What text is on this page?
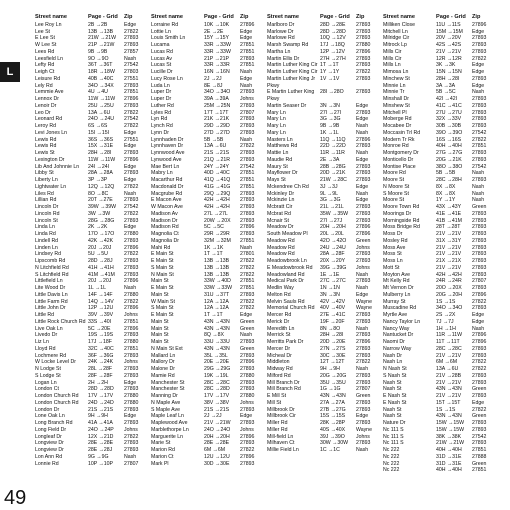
L
Street name	Page - Grid	Zip
Lee Roy Ln	2B →2B	Edge
Lee St	13B →13B	27822
E Lee St	21W →21W	27893
W Lee St	21P →21W	27893
Lees Rd	9B →9B	27857
Leesfield Ln	9O →9O	Nash
Lefty Rd	36T →36T	27542
Leigh Ct	18R →18W	27803
Leisure Rd	40B →40C	27551
Lely Rd	34O →34X	27893
Lemmie Ave	4U →4U	27851
Lennox Dr	11W →11W	27896
Lenoir Dr	25U →25U	27893
Leo Dr	13A →6U	27822
Leonard Rd	24O →24U	27542
Leroy Rd	6S →6S	27822
Levi Jones Ln	15I →15I	Edge
Lewis Rd	36S →36S	27551
Lewis Rd	15X →31E	Edge
Lewis St	28H →28I	27893
Lexington Dr	11W →11W	27896
Lib And Johnnie Ln	24I →24I	Edge
Libby St	28A →28A	27893
Liberty Ln	3P →3P	Edge
Lightwater Ln	12Q →12Q	27822
Liles Rd	8O →8C	Nash
Lillian Rd	20T →27E	27893
Lincoln Dr	39W →39W	27542
Lincoln Rd	3W →3W	27822
Lincoln St	28G →28G	27893
Linda Ln	2K →2K	Edge
Linda Rd	17O →17O	27880
Lindell Rd	42K →42K	27893
Linden Ln	20J →20J	27896
Lindsey Rd	5U →5U	27822
Lipscomb Rd	28D →28J	27893
N Litchfield Rd	41H →41H	27893
S Litchfield Rd	41M →41M	27893
Littlefield Ln	20J →20J	27896
Lite Wood Dr	1L →1L	Nash
Little Davis Ln	14F →14F	27880
Little Farm Rd	14Q →14V	27822
Little John Dr	12P →12U	27896
Little Rd	39V →39V	Johns
Little Rock Church Rd 33S →40I	27851
Live Oak Ln	5C →20E	27896
Livedo Dr	19S →19S	27893
Liz Ln	17J →18F	27880
Lloyd Rd	32C →40C	27851
Lochmere Rd	36F →36G	27893
W Locke Level Dr	24K →24K	Johns
N Lodge St	28L →28F	27893
S Lodge St	28F →28F	27893
Logan Ln	2H →2H	Edge
London Ct	28D →28D	27893
London Church Rd	17V →17V	27880
London Church Rd	24D →24D	27880
London Dr	21S →21S	27893
Lone Oak Ln	9H →9H	Edge
Long Branch Rd	41A →41A	27893
Long Field Dr	24O →24P	Johns
Longleaf Dr	12X →21D	27822
Longview Dr	28E →28E	27893
Longview Dr	28E →28J	27893
Lon Ann Rd	9G →9G	Nash
Lonnie Rd	10P →10P	27807
Street name	Page - Grid	Zip
Lorraine Rd	10K →10K	27896
Lottie Ln	2E →2E	Edge
Louis Smith Ln	15Y →15Y	Edge
Lucama	33R →33W	27851
Lucas Rd	33R →33W	27851
Lucas Av	21P →21P	27893
Lucas St	33R →33R	27851
Lucille Dr	16N →16N	Nash
Lucy Rose Ln	2J →2J	Edge
Luda Ln	8E →8J	Nash
Luper Dr	34O →34O	27893
Luper Dr	39A →39A	Johns
Luther Rd	25M →25N	27893
Lyles Rd	17T →17T	27807
Lyn Rd	21K →21K	27893
Lynch Rd	29D →29D	27893
Lynn Dr	27D →27D	27893
Lynnhaden Dr	5B →5B	Nash
Lynnhaven Dr	13A →6U	27822
Lynnwood Ave	21S →21S	27893
Lynwood Ave	21Q →21R	27893
Mae Bert Ln	24Y →24Y	27542
Mabry Ln	40D →40C	27851
Macarthur Rd	41Q →41Q	27851
Macdonald Dr	41G →41G	27851
Macgrube Rd	29Q →29Q	27893
E Macon Ave	42H →42H	27893
W Macon Ave	42H →42H	27893
Madison Av	27L →27L	27893
Madison Dr	20W →20X	27893
Madison Rd	5C →5C	27896
Magnolia Ct	29R →29R	27893
Magnolia Dr	32M →32M	27851
Mahi Rd	1K →1K	Nash
E Main St	1T →1T	27801
E Main St	13B →13B	27822
S Main St	13B →13B	27822
N Main St	13B →13B	27822
Main St	33W →40D	27851
E Main St	33W →33W	27851
Main St	31U →37T	27893
W Main St	12A →12A	27822
S Main St	12A →12A	27822
E Main St	1T →1T	Edge
Main St	43N →43N	Green
Main St	43N →43N	Green
Main St	8Q →8X	Nash
Main St	33U →33U	27893
N Main St Ext	43N →43N	Green
Mallard Ln	35L →35L	27893
Mallory Dr	20E →20E	27896
Malone Dr	29G →29G	27893
Mamie Rd	19K →19L	27880
Manchester St	28C →28C	27893
Manchester St	28C →28D	27893
Manning Dr	17V →17V	27880
N Maple Ave	38V →38V	Johns
S Maple Ave	21S →21S	27893
Maple Leaf Ln	2J →2J	Edge
Maplewood Ave	21V →21W	27893
Marblethorpe Ln	24O →24O	Johns
Marguerite Ln	20H →20H	27896
Marie St	28E →28E	27893
Marion Rd	6M →6M	27822
Marion Ct	12U →12U	27896
Mark Pl	30D →30E	27893
Street name	Page - Grid	Zip
Marlboro Dr	28D →28E	27893
Marlowe Dr	28D →28D	27893
Marlowe Rd	10Q →12V	27893
Marsh Swamp Rd	17J →18Q	27880
Martha Ln	12P →12V	27896
Martin Ellis Dr	27H →27H	27893
Martin Luther King Cir 1T →1T	27893
Martin Luther King Cir 1Y →1Y	27822
Martin Luther King Jr 1V →1V	27893
Pkwy
E Martin Luther King	28I →28O	27893
Pkwy
Martin Seaser Dr	3N →3N	Edge
Mary Ln	27I →27I	27893
Mary Ln	3G →3G	Edge
Mary Ln	9B →9B	Nash
Mary Ln	1K →1L	Nash
Masters Ln	11Q →11Q	27896
Matthews Rd	22D →22D	27893
Mattie Ln	11R →11R	Nash
Maudie Rd	2E →3A	Edge
Maury St	28B →28G	27893
Mayflower Dr	20D →21K	27893
Mays St	21W →28C	27893
Mckendree Ch Rd	3J →3J	Edge
Mckinley Dr	9L →9L	Nash
Mckinzie Ln	3G →3G	Edge
Mcbratt Cir	21L →21L	27893
Mcbrat Rd	35W →35W	27893
Mcnair St	27I →27J	27893
Meadow Dr	20H →20H	27896
South Meadow Pl	20L →20L	27896
Meadow Rd	42O →42O	Green
Meadow Rd	24U →24U	Johns
Meadow Rd	28A →28F	27893
Meadowbrook Ln	20X →20Y	27893
E Meadowbrook Rd	39G →39G	Johns
Meadowland Rd	1E →1E	Nash
Medical Park Dr	27C →27C	27893
Medlin Way	1N →1N	Nash
Melton Rd	3N →3N	Edge
Melvin Sauls Rd	42V →42V	Wayne
Memorial Church Rd	40V →40V	Wayne
Mercer Rd	27E →41C	27893
Merick Dr	19F →20F	27893
Meredith Ln	8N →8O	Nash
Merrick St	28H →28I	27893
Merritts Park Dr	20D →20E	27896
Mercer Dr	27N →27S	27893
Micheal Dr	30C →30E	27893
Middleton	12T →12T	27822
Midway Rd	9H →9H	Nash
Milford Rd	20G →20G	27893
Mill Branch Dr	35U →35U	27893
Mill Branch Rd	1G →1G	27807
E Mill St	43N →43N	Green
Mill St	27A →27A	27893
Millbrook Dr	27B →27G	27893
Millbrook Cir	15S →15S	Edge
Miller Rd	28K →28P	27893
Miller Rd	40S →40X	Wayne
Mill-field Ln	39J →39O	Johns
Milhaven Ct	30W →30W	27893
Millie Field Ln	1C →1C	Nash
Street name	Page - Grid	Zip
Milliken Close	11U →11S	27896
Mitchell Ln	15M →15M	Edge
Milridge Cir	20V →20V	27893
Mitrock Lp	42S →42S	27893
Mills Cir	21V →21V	27893
Mills Cir	12R →12R	27822
Mills Ln	3K →3K	Edge
Mimosa Ln	15N →15N	Edge
Minchew St	28H →28I	27893
Minnie Ln	3A →3A	Edge
Minnie Tr	5B →5C	Nash
Minshall Dr	42I →42I	27893
Minshew St	41C →41C	27893
Mitchell Pl	27U →27U	27893
Moberge Rd	32X →33V	27893
Mocabee Dr	30B →30B	27893
Moccasin Trl Rd	39O →39O	27542
Modern Tr Rk	16S →16S	27822
Monroe Rd	40H →40H	27851
Montgomery Dr	27G →27G	27893
Monticello Dr	20G →21K	27893
Montise Place	38O →38O	27542
Moore Rd	5B →5B	Nash
Moore St	28C →28H	27893
N Moore St	8X →8X	Nash
S Moore St	8X →8X	Nash
Moore St	1Y →1Y	Nash
Moore Town Rd	43X →43Y	Green
Moorings Dr	41E →41E	27893
Morningside Rd	41B →41M	27893
Moss Bridge Rd	28T →28T	27893
Moss Dr	21V →21V	27893
Mosley Rd	31X →31Y	27893
Moss Ave	21V →21V	27893
Moss St	21V →21V	27893
Moss Ln	21X →21X	27893
Mott St	21V →21V	27893
Moyton Ave	42H →42H	27893
Mt Kelly Rd	24R →24R	27807
Mt Vernon Dr	20O →20X	27893
Mulberry Ln	20G →20H	27896
Murray St	1S →1S	27822
Muscadine Rd	34O →34O	27893
Myrtle Ave	2S →2X	Edge
Nancy Taylor Ln	7J →7J	Edge
Nancy Way	1H →1H	Nash
Nantucket Dr	11R →11W	27896
Naomi Dr	11T →11T	27896
Narrow Way	28C →28C	27893
Nash Dr	21V →21V	27893
Nash Ln	6M →6M	27822
N Nash St	13A →6U	27822
S Nash St	21V →28B	27893
Nash St	21V →21V	27893
Nash St	43N →43N	Green
E Nash St	21V →21V	27893
E Nash St	15T →15T	Edge
Nash St	1S →1S	27822
Nash St	43N →43N	Green
Nature Dr	15W →15W	27893
Nc 111 S	15W →15W	27893
Nc 111 S	38K →38K	27542
Nc 111 S	21W →21W	27893
Nc 222	40H →40H	27851
Nc 222	31D →31E	27888
Nc 222	31D →31E	Green
Nc 222	40H →40H	27851
49
